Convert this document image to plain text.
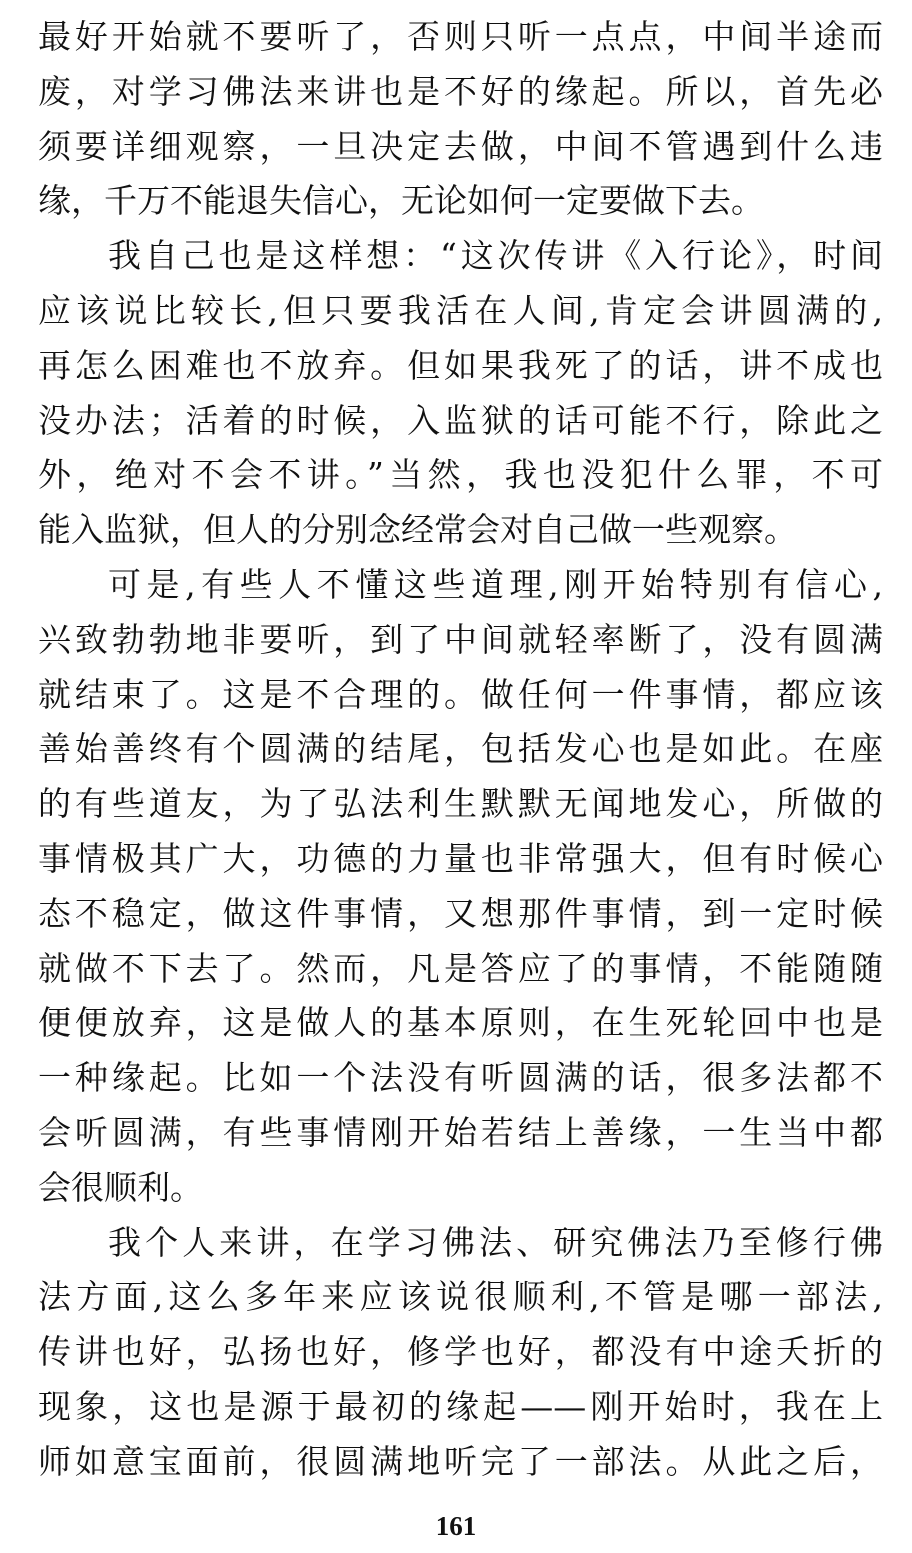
最好开始就不要听了，否则只听一点点，中间半途而
废，对学习佛法来讲也是不好的缘起。所以，首先必
须要详细观察，一旦决定去做，中间不管遇到什么违
缘，千万不能退失信心，无论如何一定要做下去。
我自己也是这样想：“这次传讲《入行论》，时间
应该说比较长,但只要我活在人间,肯定会讲圆满的,
再怎么困难也不放弃。但如果我死了的话，讲不成也
没办法；活着的时候，入监狱的话可能不行，除此之
外，绝对不会不讲。”当然，我也没犯什么罪，不可
能入监狱，但人的分别念经常会对自己做一些观察。
可是,有些人不懂这些道理,刚开始特别有信心,
兴致勃勃地非要听，到了中间就轻率断了，没有圆满
就结束了。这是不合理的。做任何一件事情，都应该
善始善终有个圆满的结尾，包括发心也是如此。在座
的有些道友，为了弘法利生默默无闻地发心，所做的
事情极其广大，功德的力量也非常强大，但有时候心
态不稳定，做这件事情，又想那件事情，到一定时候
就做不下去了。然而，凡是答应了的事情，不能随随
便便放弃，这是做人的基本原则，在生死轮回中也是
一种缘起。比如一个法没有听圆满的话，很多法都不
会听圆满，有些事情刚开始若结上善缘，一生当中都
会很顺利。
我个人来讲，在学习佛法、研究佛法乃至修行佛
法方面,这么多年来应该说很顺利,不管是哪一部法,
传讲也好，弘扬也好，修学也好，都没有中途夭折的
现象，这也是源于最初的缘起——刚开始时，我在上
师如意宝面前，很圆满地听完了一部法。从此之后，
161
